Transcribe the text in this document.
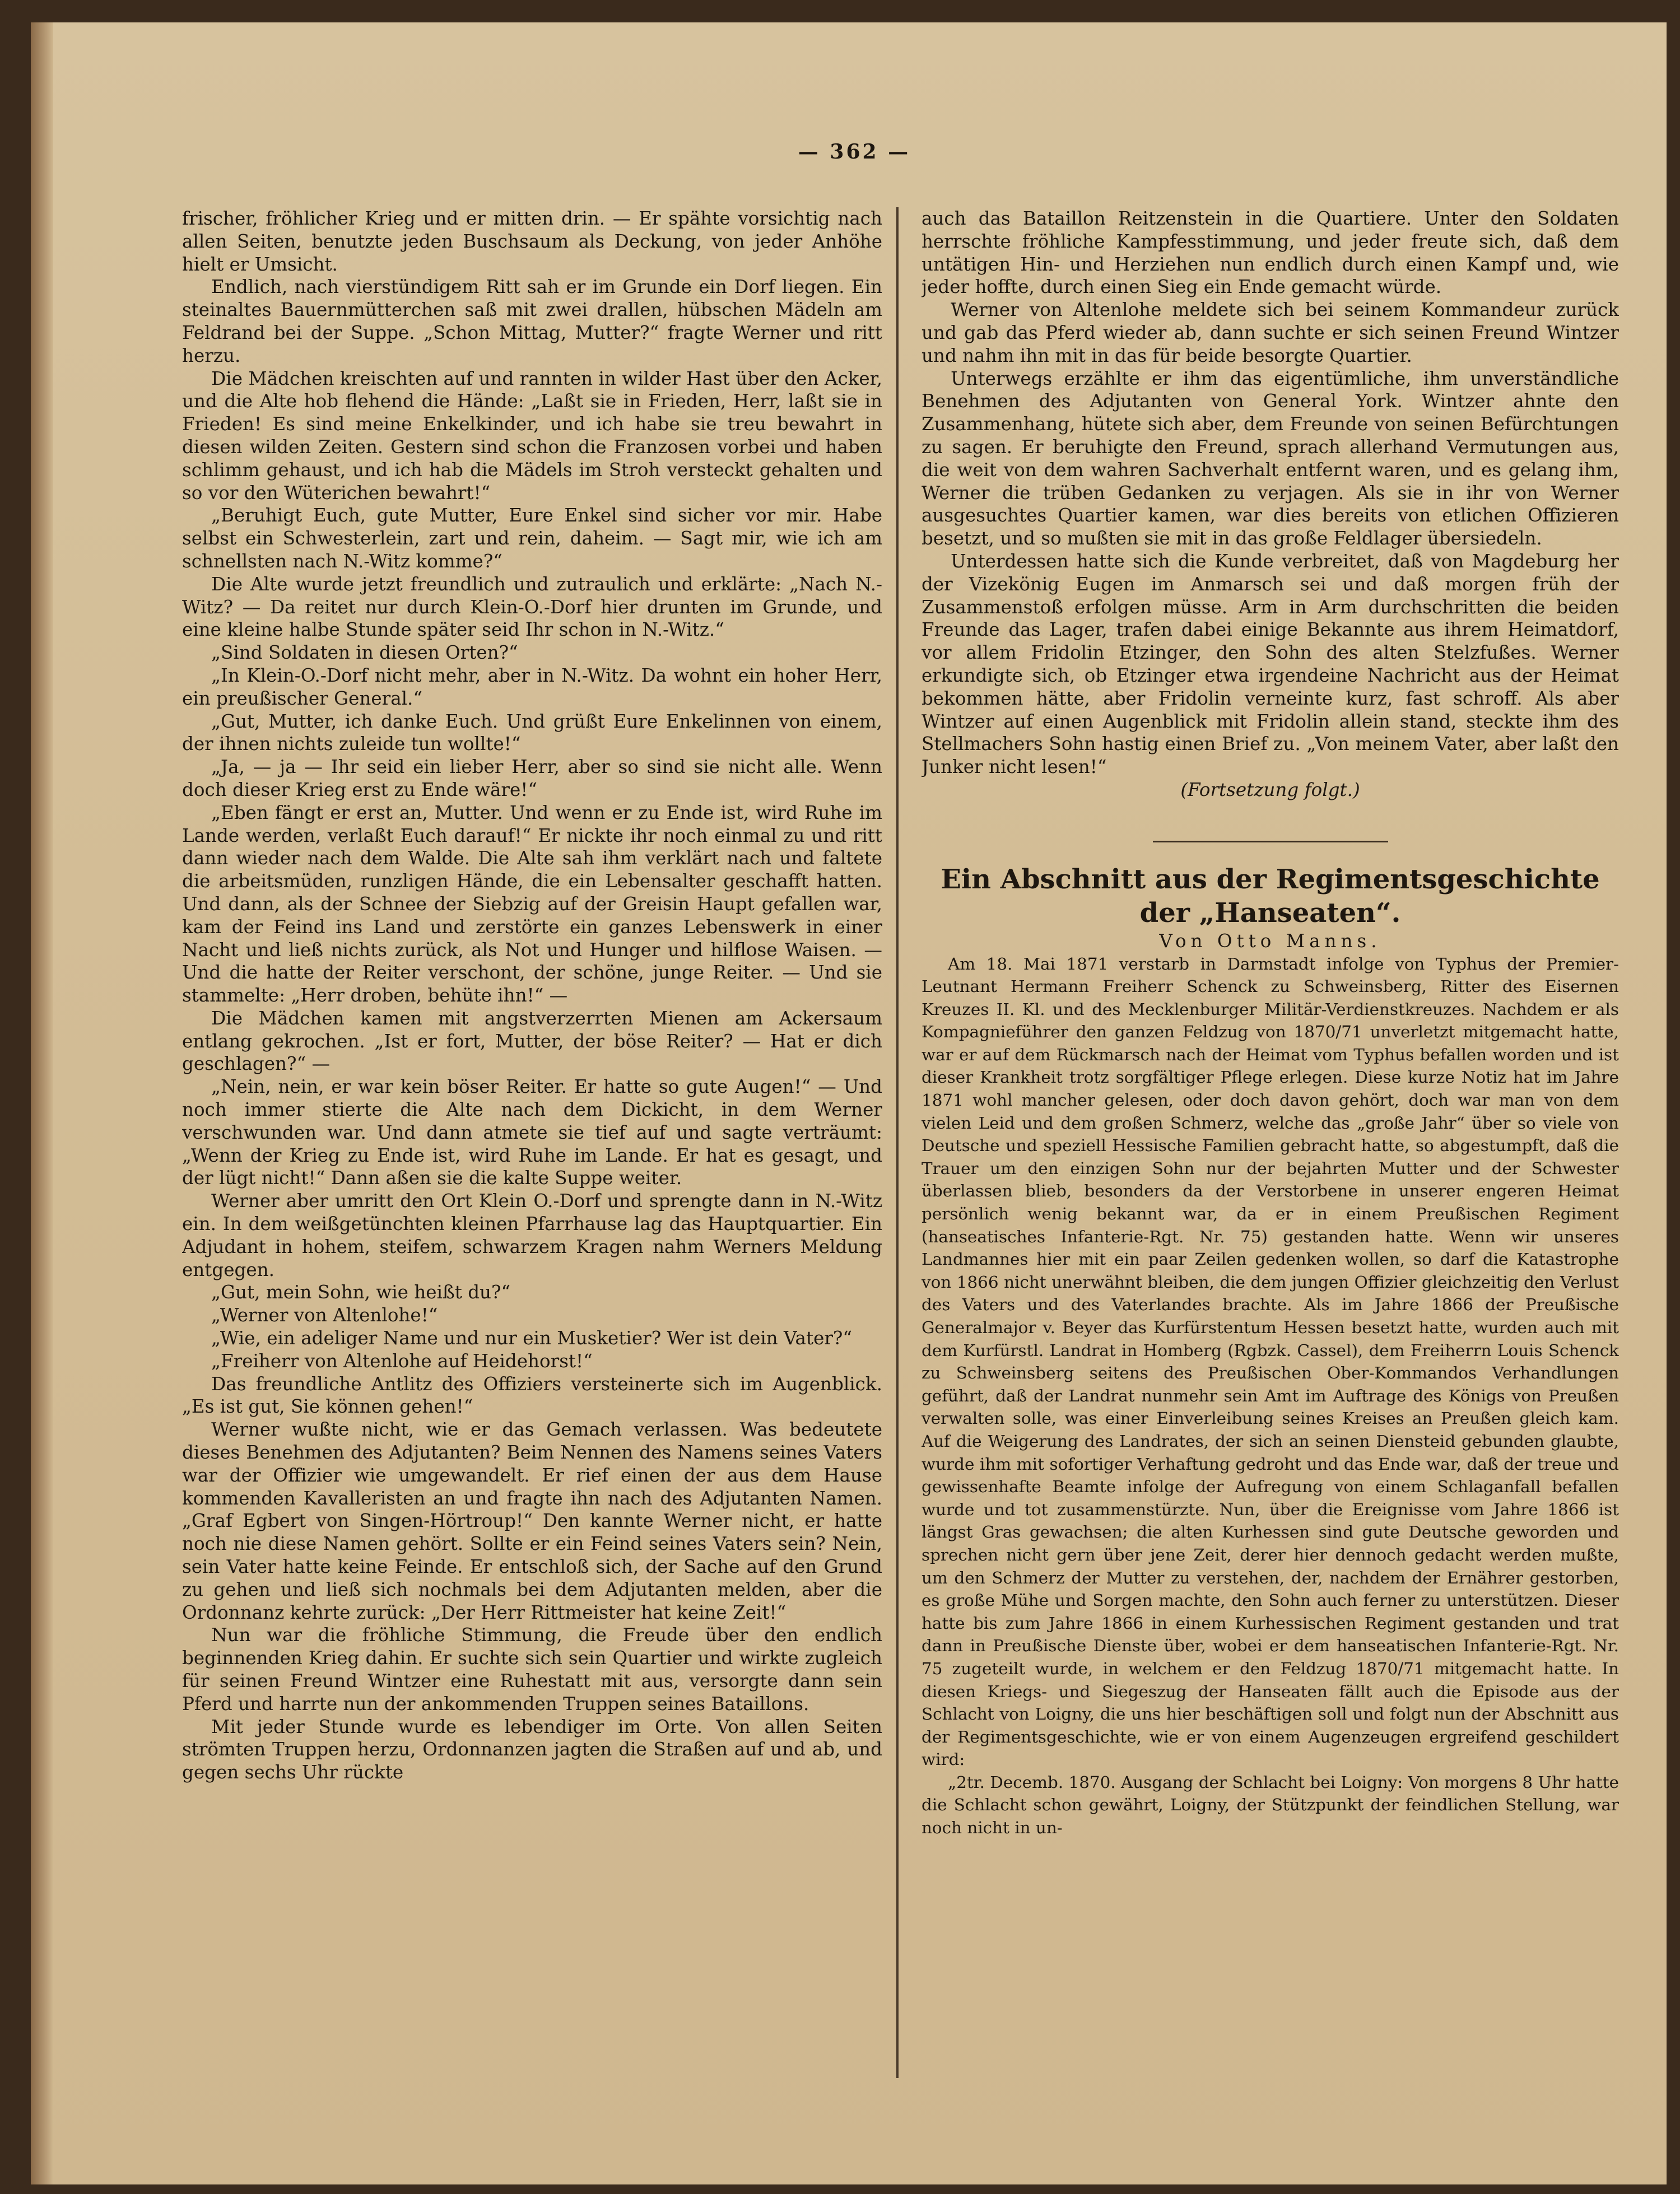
— 362 —

frischer, fröhlicher Krieg und er mitten drin. — Er spähte vorsichtig nach allen Seiten, benutzte jeden Buschsaum als Deckung, von jeder Anhöhe hielt er Umsicht.

Endlich, nach vierstündigem Ritt sah er im Grunde ein Dorf liegen. Ein steinaltes Bauernmütterchen saß mit zwei drallen, hübschen Mädeln am Feldrand bei der Suppe. „Schon Mittag, Mutter?“ fragte Werner und ritt herzu.

Die Mädchen kreischten auf und rannten in wilder Hast über den Acker, und die Alte hob flehend die Hände: „Laßt sie in Frieden, Herr, laßt sie in Frieden! Es sind meine Enkelkinder, und ich habe sie treu bewahrt in diesen wilden Zeiten. Gestern sind schon die Franzosen vorbei und haben schlimm gehaust, und ich hab die Mädels im Stroh versteckt gehalten und so vor den Wüterichen bewahrt!“

„Beruhigt Euch, gute Mutter, Eure Enkel sind sicher vor mir. Habe selbst ein Schwesterlein, zart und rein, daheim. — Sagt mir, wie ich am schnellsten nach N.-Witz komme?“

Die Alte wurde jetzt freundlich und zutraulich und erklärte: „Nach N.-Witz? — Da reitet nur durch Klein-O.-Dorf hier drunten im Grunde, und eine kleine halbe Stunde später seid Ihr schon in N.-Witz.“

„Sind Soldaten in diesen Orten?“

„In Klein-O.-Dorf nicht mehr, aber in N.-Witz. Da wohnt ein hoher Herr, ein preußischer General.“

„Gut, Mutter, ich danke Euch. Und grüßt Eure Enkelinnen von einem, der ihnen nichts zuleide tun wollte!“

„Ja, — ja — Ihr seid ein lieber Herr, aber so sind sie nicht alle. Wenn doch dieser Krieg erst zu Ende wäre!“

„Eben fängt er erst an, Mutter. Und wenn er zu Ende ist, wird Ruhe im Lande werden, verlaßt Euch darauf!“ Er nickte ihr noch einmal zu und ritt dann wieder nach dem Walde. Die Alte sah ihm verklärt nach und faltete die arbeitsmüden, runzligen Hände, die ein Lebensalter geschafft hatten. Und dann, als der Schnee der Siebzig auf der Greisin Haupt gefallen war, kam der Feind ins Land und zerstörte ein ganzes Lebenswerk in einer Nacht und ließ nichts zurück, als Not und Hunger und hilflose Waisen. — Und die hatte der Reiter verschont, der schöne, junge Reiter. — Und sie stammelte: „Herr droben, behüte ihn!“ —

Die Mädchen kamen mit angstverzerrten Mienen am Ackersaum entlang gekrochen. „Ist er fort, Mutter, der böse Reiter? — Hat er dich geschlagen?“ —

„Nein, nein, er war kein böser Reiter. Er hatte so gute Augen!“ — Und noch immer stierte die Alte nach dem Dickicht, in dem Werner verschwunden war. Und dann atmete sie tief auf und sagte verträumt: „Wenn der Krieg zu Ende ist, wird Ruhe im Lande. Er hat es gesagt, und der lügt nicht!“ Dann aßen sie die kalte Suppe weiter.

Werner aber umritt den Ort Klein O.-Dorf und sprengte dann in N.-Witz ein. In dem weißgetünchten kleinen Pfarrhause lag das Hauptquartier. Ein Adjudant in hohem, steifem, schwarzem Kragen nahm Werners Meldung entgegen.

„Gut, mein Sohn, wie heißt du?“

„Werner von Altenlohe!“

„Wie, ein adeliger Name und nur ein Musketier? Wer ist dein Vater?“

„Freiherr von Altenlohe auf Heidehorst!“

Das freundliche Antlitz des Offiziers versteinerte sich im Augenblick. „Es ist gut, Sie können gehen!“

Werner wußte nicht, wie er das Gemach verlassen. Was bedeutete dieses Benehmen des Adjutanten? Beim Nennen des Namens seines Vaters war der Offizier wie umgewandelt. Er rief einen der aus dem Hause kommenden Kavalleristen an und fragte ihn nach des Adjutanten Namen. „Graf Egbert von Singen-Hörtroup!“ Den kannte Werner nicht, er hatte noch nie diese Namen gehört. Sollte er ein Feind seines Vaters sein? Nein, sein Vater hatte keine Feinde. Er entschloß sich, der Sache auf den Grund zu gehen und ließ sich nochmals bei dem Adjutanten melden, aber die Ordonnanz kehrte zurück: „Der Herr Rittmeister hat keine Zeit!“

Nun war die fröhliche Stimmung, die Freude über den endlich beginnenden Krieg dahin. Er suchte sich sein Quartier und wirkte zugleich für seinen Freund Wintzer eine Ruhestatt mit aus, versorgte dann sein Pferd und harrte nun der ankommenden Truppen seines Bataillons.

Mit jeder Stunde wurde es lebendiger im Orte. Von allen Seiten strömten Truppen herzu, Ordonnanzen jagten die Straßen auf und ab, und gegen sechs Uhr rückte

auch das Bataillon Reitzenstein in die Quartiere. Unter den Soldaten herrschte fröhliche Kampfesstimmung, und jeder freute sich, daß dem untätigen Hin- und Herziehen nun endlich durch einen Kampf und, wie jeder hoffte, durch einen Sieg ein Ende gemacht würde.

Werner von Altenlohe meldete sich bei seinem Kommandeur zurück und gab das Pferd wieder ab, dann suchte er sich seinen Freund Wintzer und nahm ihn mit in das für beide besorgte Quartier.

Unterwegs erzählte er ihm das eigentümliche, ihm unverständliche Benehmen des Adjutanten von General York. Wintzer ahnte den Zusammenhang, hütete sich aber, dem Freunde von seinen Befürchtungen zu sagen. Er beruhigte den Freund, sprach allerhand Vermutungen aus, die weit von dem wahren Sachverhalt entfernt waren, und es gelang ihm, Werner die trüben Gedanken zu verjagen. Als sie in ihr von Werner ausgesuchtes Quartier kamen, war dies bereits von etlichen Offizieren besetzt, und so mußten sie mit in das große Feldlager übersiedeln.

Unterdessen hatte sich die Kunde verbreitet, daß von Magdeburg her der Vizekönig Eugen im Anmarsch sei und daß morgen früh der Zusammenstoß erfolgen müsse. Arm in Arm durchschritten die beiden Freunde das Lager, trafen dabei einige Bekannte aus ihrem Heimatdorf, vor allem Fridolin Etzinger, den Sohn des alten Stelzfußes. Werner erkundigte sich, ob Etzinger etwa irgendeine Nachricht aus der Heimat bekommen hätte, aber Fridolin verneinte kurz, fast schroff. Als aber Wintzer auf einen Augenblick mit Fridolin allein stand, steckte ihm des Stellmachers Sohn hastig einen Brief zu. „Von meinem Vater, aber laßt den Junker nicht lesen!“

(Fortsetzung folgt.)

Ein Abschnitt aus der Regimentsgeschichte

der „Hanseaten“.

Von Otto Manns.

Am 18. Mai 1871 verstarb in Darmstadt infolge von Typhus der Premier-Leutnant Hermann Freiherr Schenck zu Schweinsberg, Ritter des Eisernen Kreuzes II. Kl. und des Mecklenburger Militär-Verdienstkreuzes. Nachdem er als Kompagnieführer den ganzen Feldzug von 1870/71 unverletzt mitgemacht hatte, war er auf dem Rückmarsch nach der Heimat vom Typhus befallen worden und ist dieser Krankheit trotz sorgfältiger Pflege erlegen. Diese kurze Notiz hat im Jahre 1871 wohl mancher gelesen, oder doch davon gehört, doch war man von dem vielen Leid und dem großen Schmerz, welche das „große Jahr“ über so viele von Deutsche und speziell Hessische Familien gebracht hatte, so abgestumpft, daß die Trauer um den einzigen Sohn nur der bejahrten Mutter und der Schwester überlassen blieb, besonders da der Verstorbene in unserer engeren Heimat persönlich wenig bekannt war, da er in einem Preußischen Regiment (hanseatisches Infanterie-Rgt. Nr. 75) gestanden hatte. Wenn wir unseres Landmannes hier mit ein paar Zeilen gedenken wollen, so darf die Katastrophe von 1866 nicht unerwähnt bleiben, die dem jungen Offizier gleichzeitig den Verlust des Vaters und des Vaterlandes brachte. Als im Jahre 1866 der Preußische Generalmajor v. Beyer das Kurfürstentum Hessen besetzt hatte, wurden auch mit dem Kurfürstl. Landrat in Homberg (Rgbzk. Cassel), dem Freiherrn Louis Schenck zu Schweinsberg seitens des Preußischen Ober-Kommandos Verhandlungen geführt, daß der Landrat nunmehr sein Amt im Auftrage des Königs von Preußen verwalten solle, was einer Einverleibung seines Kreises an Preußen gleich kam. Auf die Weigerung des Landrates, der sich an seinen Diensteid gebunden glaubte, wurde ihm mit sofortiger Verhaftung gedroht und das Ende war, daß der treue und gewissenhafte Beamte infolge der Aufregung von einem Schlaganfall befallen wurde und tot zusammenstürzte. Nun, über die Ereignisse vom Jahre 1866 ist längst Gras gewachsen; die alten Kurhessen sind gute Deutsche geworden und sprechen nicht gern über jene Zeit, derer hier dennoch gedacht werden mußte, um den Schmerz der Mutter zu verstehen, der, nachdem der Ernährer gestorben, es große Mühe und Sorgen machte, den Sohn auch ferner zu unterstützen. Dieser hatte bis zum Jahre 1866 in einem Kurhessischen Regiment gestanden und trat dann in Preußische Dienste über, wobei er dem hanseatischen Infanterie-Rgt. Nr. 75 zugeteilt wurde, in welchem er den Feldzug 1870/71 mitgemacht hatte. In diesen Kriegs- und Siegeszug der Hanseaten fällt auch die Episode aus der Schlacht von Loigny, die uns hier beschäftigen soll und folgt nun der Abschnitt aus der Regimentsgeschichte, wie er von einem Augenzeugen ergreifend geschildert wird:

„2tr. Decemb. 1870. Ausgang der Schlacht bei Loigny: Von morgens 8 Uhr hatte die Schlacht schon gewährt, Loigny, der Stützpunkt der feindlichen Stellung, war noch nicht in un-
